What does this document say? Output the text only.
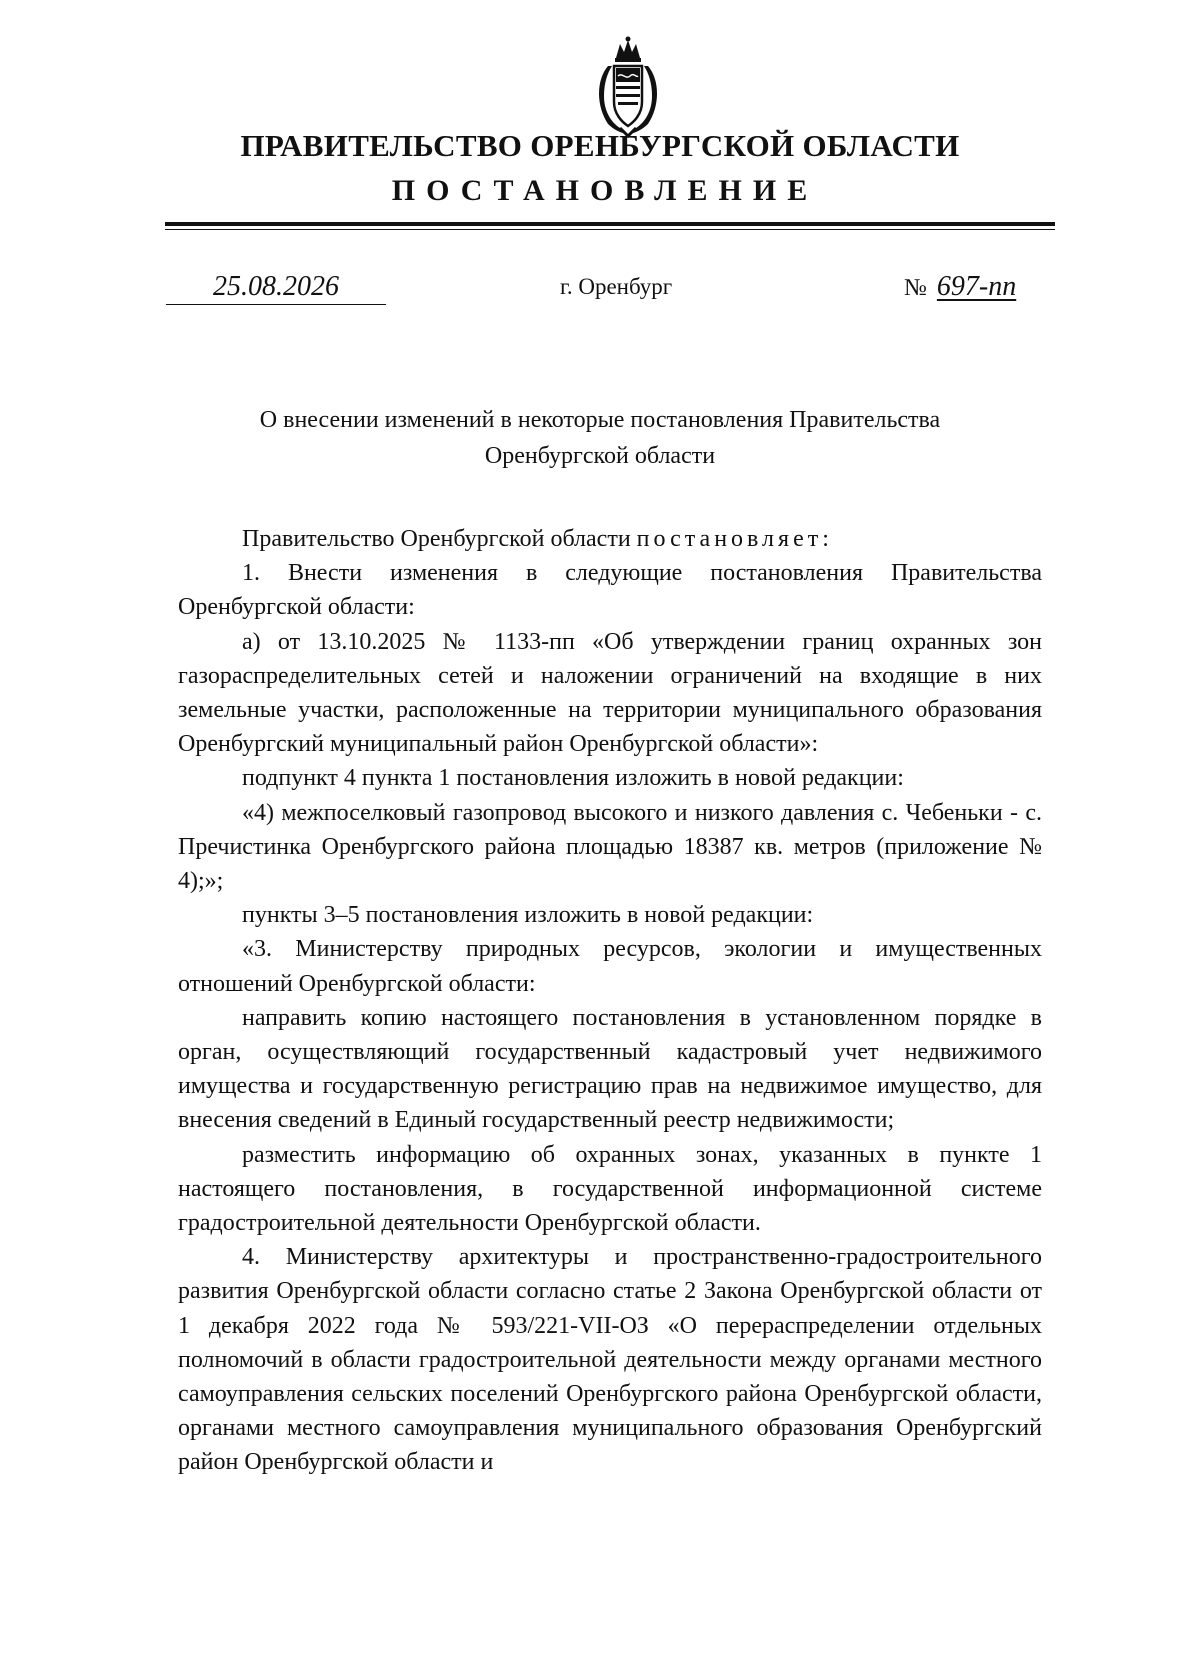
ПРАВИТЕЛЬСТВО ОРЕНБУРГСКОЙ ОБЛАСТИ
ПОСТАНОВЛЕНИЕ
25.08.2026	г. Оренбург	№ 697-пп
О внесении изменений в некоторые постановления Правительства Оренбургской области

Правительство Оренбургской области постановляет:

1. Внести изменения в следующие постановления Правительства Оренбургской области:

а) от 13.10.2025 № 1133-пп «Об утверждении границ охранных зон газораспределительных сетей и наложении ограничений на входящие в них земельные участки, расположенные на территории муниципального образования Оренбургский муниципальный район Оренбургской области»:

подпункт 4 пункта 1 постановления изложить в новой редакции:

«4) межпоселковый газопровод высокого и низкого давления с. Чебеньки - с. Пречистинка Оренбургского района площадью 18387 кв. метров (приложение № 4);»;

пункты 3–5 постановления изложить в новой редакции:

«3. Министерству природных ресурсов, экологии и имущественных отношений Оренбургской области:

направить копию настоящего постановления в установленном порядке в орган, осуществляющий государственный кадастровый учет недвижимого имущества и государственную регистрацию прав на недвижимое имущество, для внесения сведений в Единый государственный реестр недвижимости;

разместить информацию об охранных зонах, указанных в пункте 1 настоящего постановления, в государственной информационной системе градостроительной деятельности Оренбургской области.

4. Министерству архитектуры и пространственно-градостроительного развития Оренбургской области согласно статье 2 Закона Оренбургской области от 1 декабря 2022 года № 593/221-VII-ОЗ «О перераспределении отдельных полномочий в области градостроительной деятельности между органами местного самоуправления сельских поселений Оренбургского района Оренбургской области, органами местного самоуправления муниципального образования Оренбургский район Оренбургской области и
